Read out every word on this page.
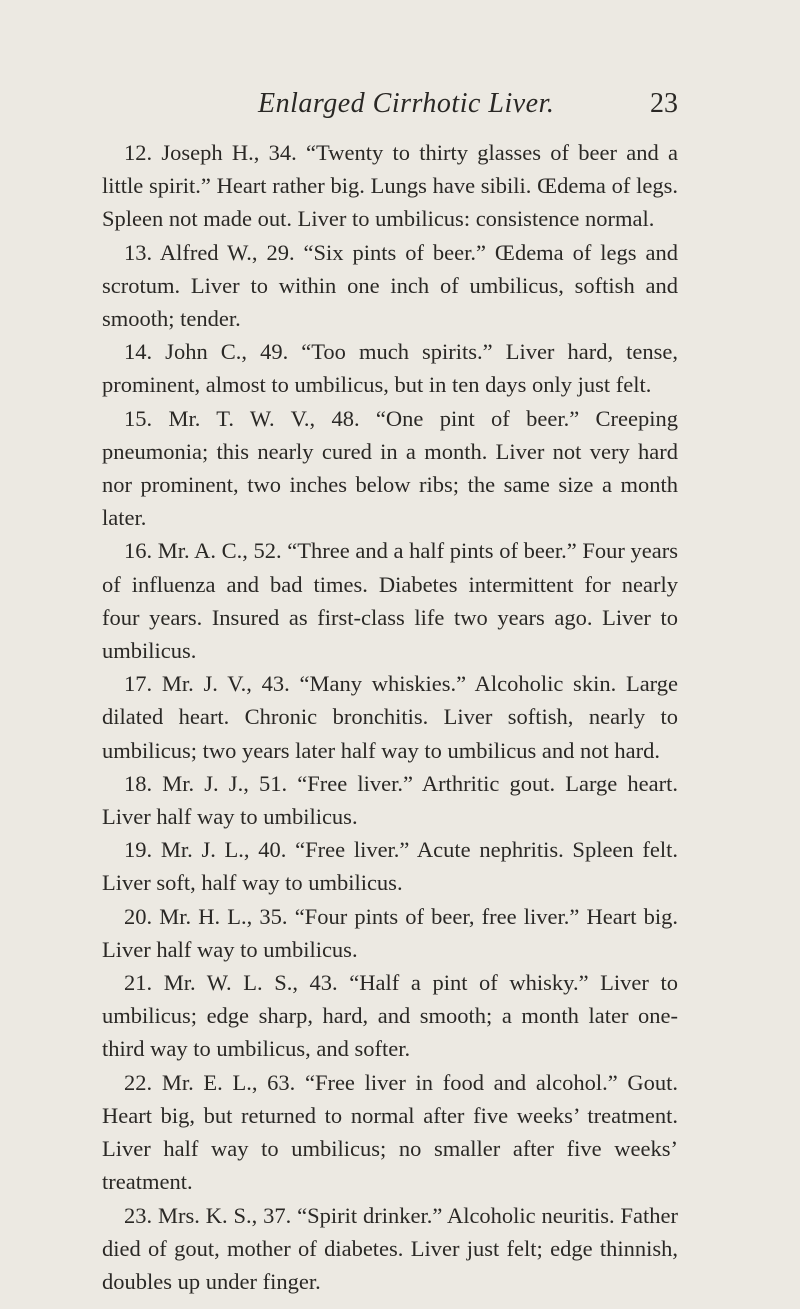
Enlarged Cirrhotic Liver.	23

12. Joseph H., 34. “Twenty to thirty glasses of beer and a little spirit.” Heart rather big. Lungs have sibili. Œdema of legs. Spleen not made out. Liver to umbilicus: consistence normal.

13. Alfred W., 29. “Six pints of beer.” Œdema of legs and scrotum. Liver to within one inch of umbilicus, softish and smooth; tender.

14. John C., 49. “Too much spirits.” Liver hard, tense, prominent, almost to umbilicus, but in ten days only just felt.

15. Mr. T. W. V., 48. “One pint of beer.” Creeping pneumonia; this nearly cured in a month. Liver not very hard nor prominent, two inches below ribs; the same size a month later.

16. Mr. A. C., 52. “Three and a half pints of beer.” Four years of influenza and bad times. Diabetes intermittent for nearly four years. Insured as first-class life two years ago. Liver to umbilicus.

17. Mr. J. V., 43. “Many whiskies.” Alcoholic skin. Large dilated heart. Chronic bronchitis. Liver softish, nearly to umbilicus; two years later half way to umbilicus and not hard.

18. Mr. J. J., 51. “Free liver.” Arthritic gout. Large heart. Liver half way to umbilicus.

19. Mr. J. L., 40. “Free liver.” Acute nephritis. Spleen felt. Liver soft, half way to umbilicus.

20. Mr. H. L., 35. “Four pints of beer, free liver.” Heart big. Liver half way to umbilicus.

21. Mr. W. L. S., 43. “Half a pint of whisky.” Liver to umbilicus; edge sharp, hard, and smooth; a month later one-third way to umbilicus, and softer.

22. Mr. E. L., 63. “Free liver in food and alcohol.” Gout. Heart big, but returned to normal after five weeks’ treatment. Liver half way to umbilicus; no smaller after five weeks’ treatment.

23. Mrs. K. S., 37. “Spirit drinker.” Alcoholic neuritis. Father died of gout, mother of diabetes. Liver just felt; edge thinnish, doubles up under finger.
